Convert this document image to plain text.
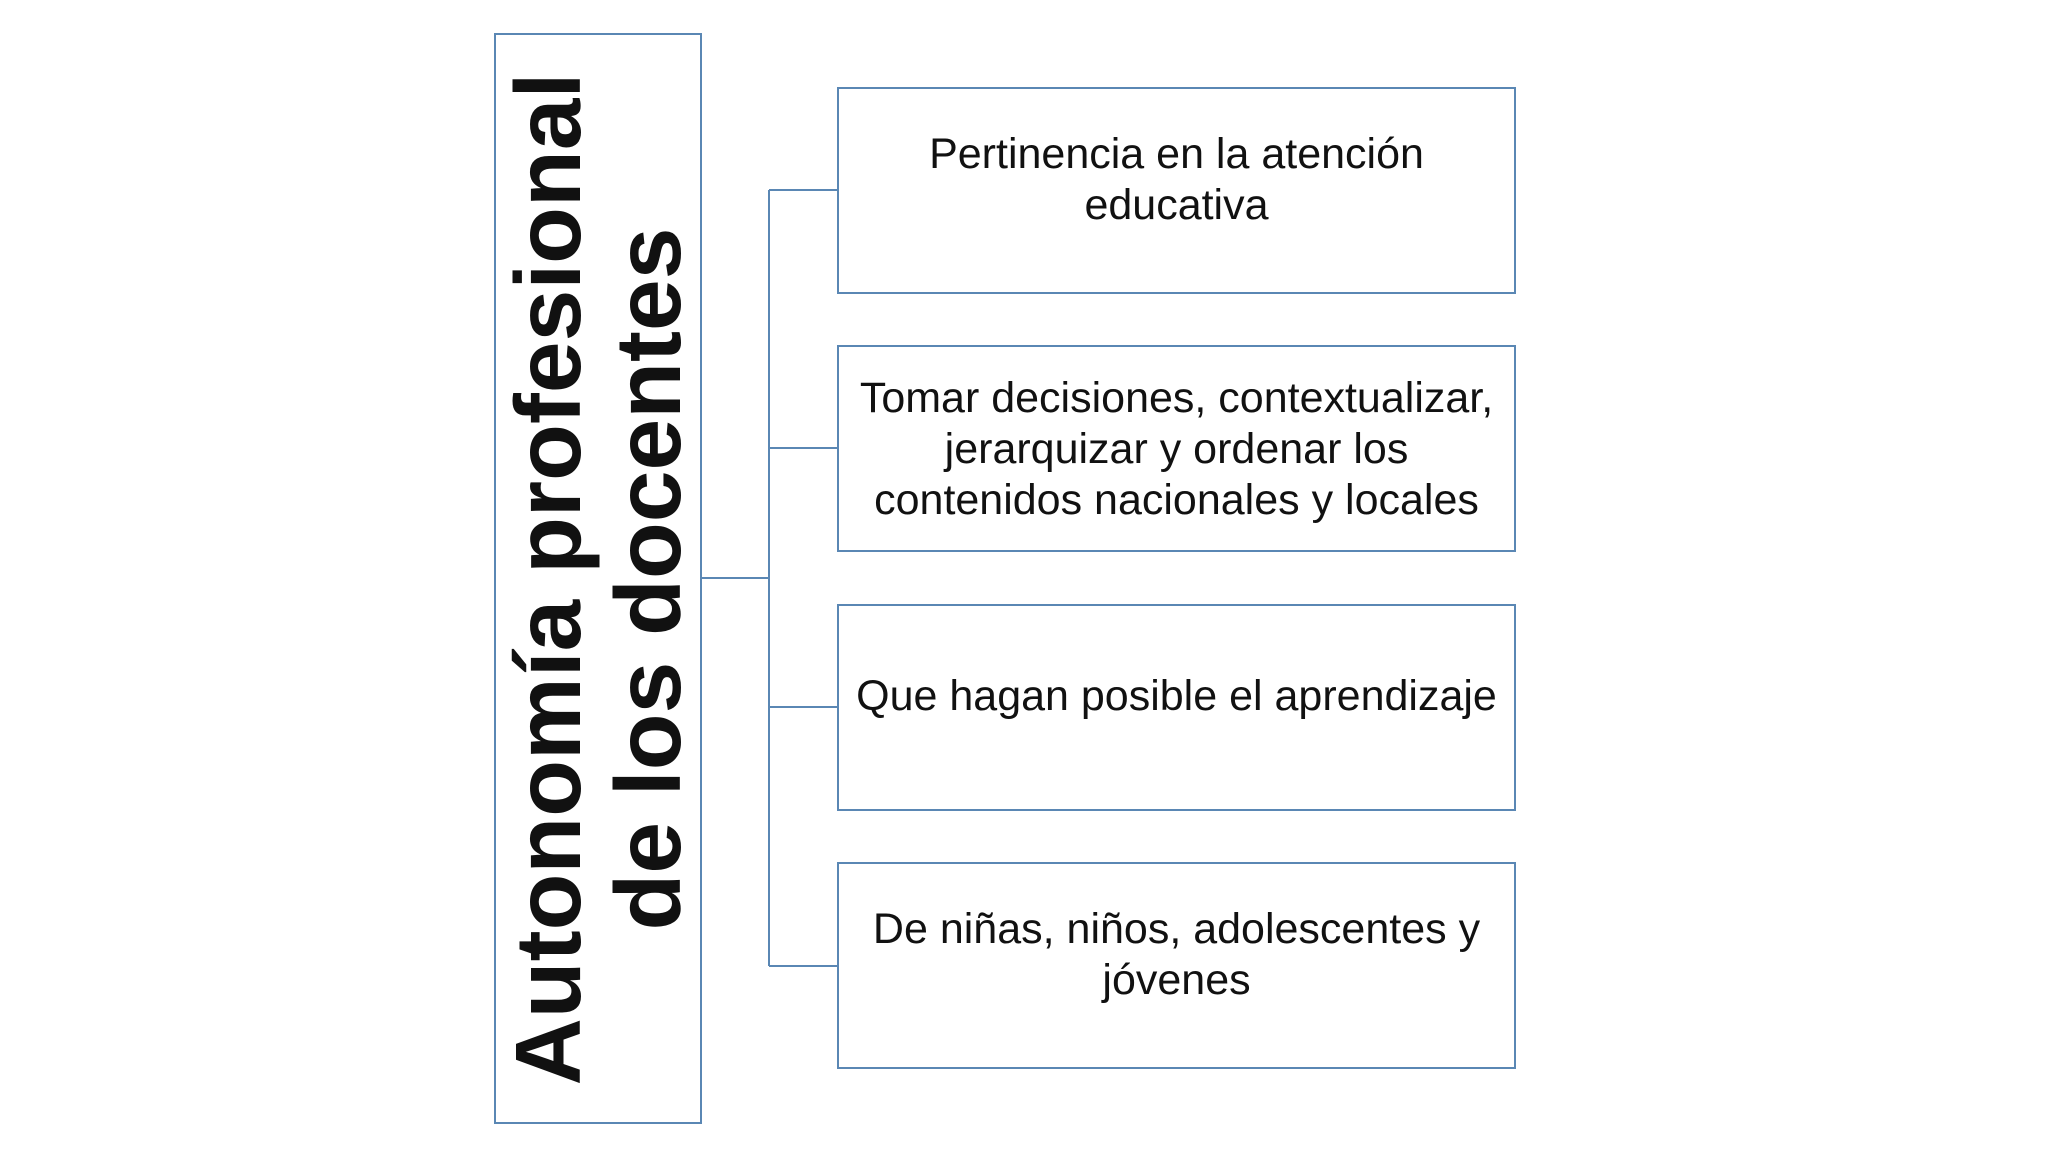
Autonomía profesional de los docentes
Pertinencia en la atención educativa
Tomar decisiones, contextualizar, jerarquizar y ordenar los contenidos nacionales y locales
Que hagan posible el aprendizaje
De niñas, niños, adolescentes y jóvenes
